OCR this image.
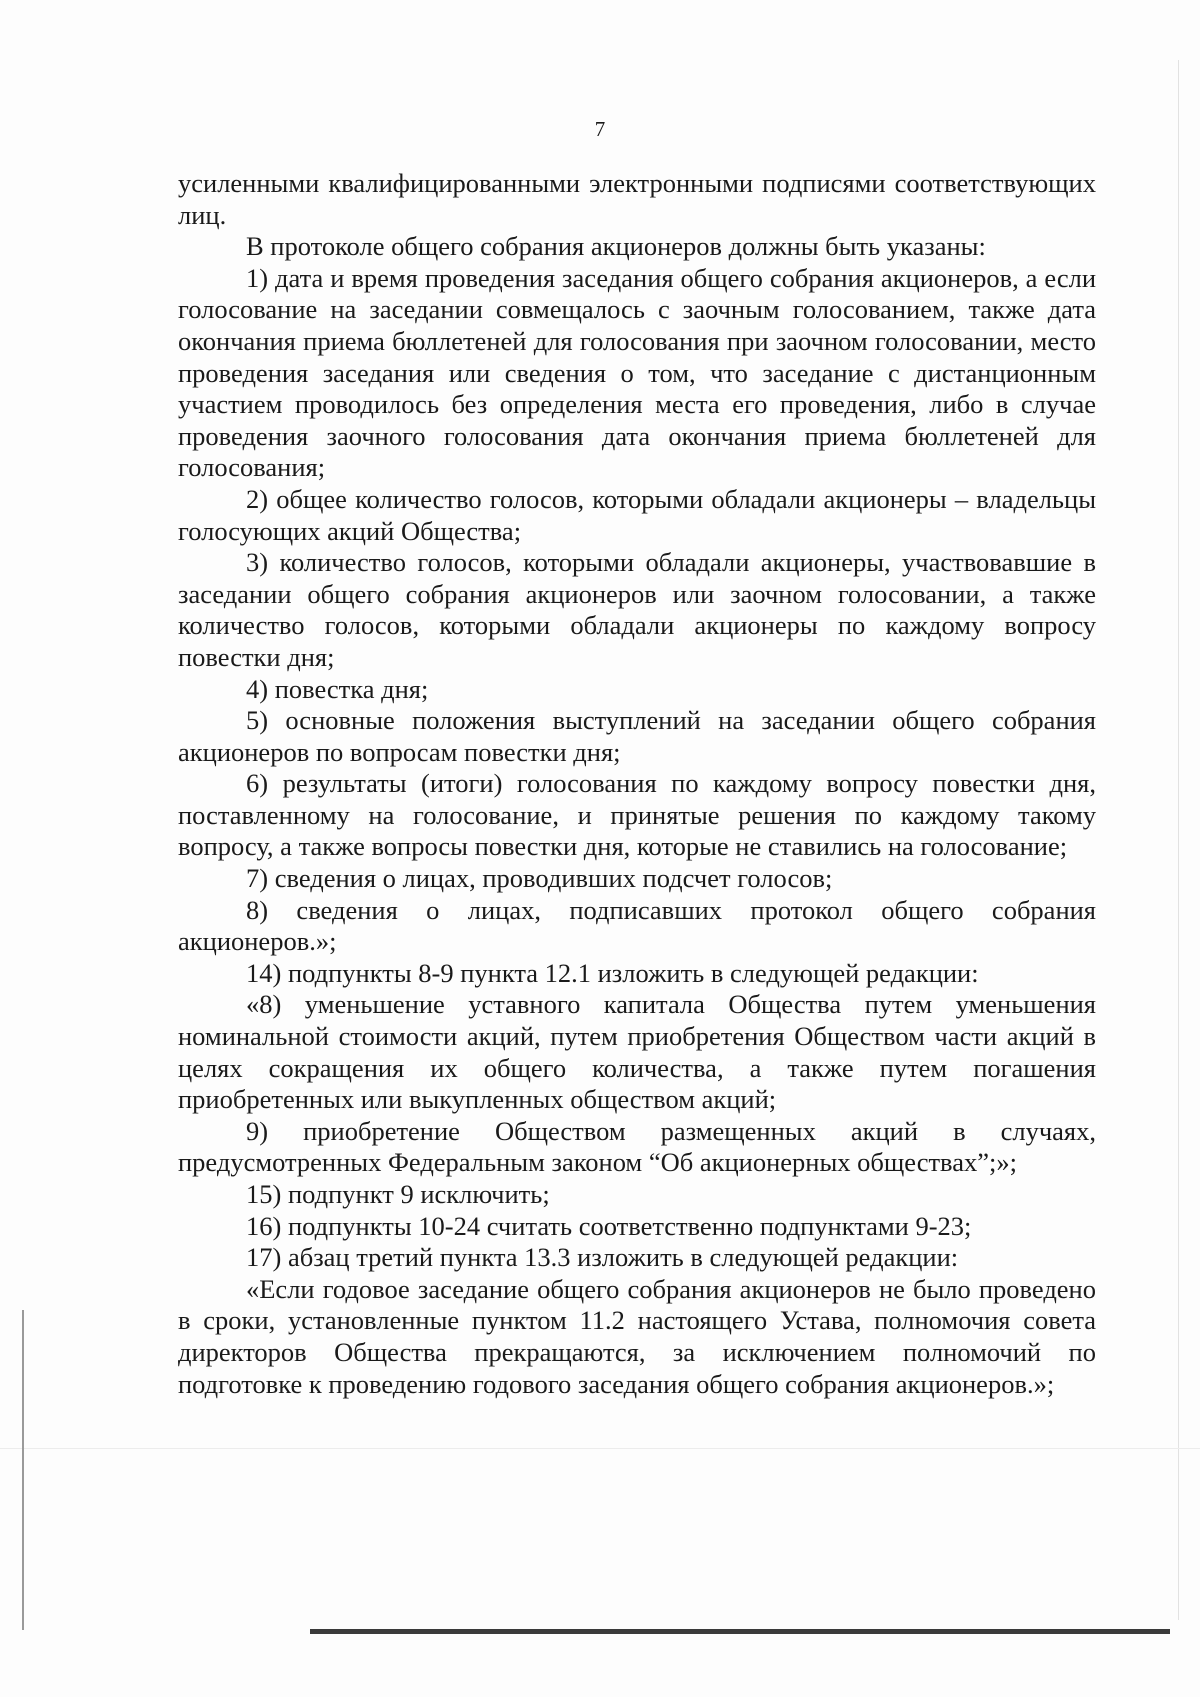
7

усиленными квалифицированными электронными подписями соответствующих лиц.

В протоколе общего собрания акционеров должны быть указаны:

1) дата и время проведения заседания общего собрания акционеров, а если голосование на заседании совмещалось с заочным голосованием, также дата окончания приема бюллетеней для голосования при заочном голосовании, место проведения заседания или сведения о том, что заседание с дистанционным участием проводилось без определения места его проведения, либо в случае проведения заочного голосования дата окончания приема бюллетеней для голосования;

2) общее количество голосов, которыми обладали акционеры – владельцы голосующих акций Общества;

3) количество голосов, которыми обладали акционеры, участвовавшие в заседании общего собрания акционеров или заочном голосовании, а также количество голосов, которыми обладали акционеры по каждому вопросу повестки дня;

4) повестка дня;

5) основные положения выступлений на заседании общего собрания акционеров по вопросам повестки дня;

6) результаты (итоги) голосования по каждому вопросу повестки дня, поставленному на голосование, и принятые решения по каждому такому вопросу, а также вопросы повестки дня, которые не ставились на голосование;

7) сведения о лицах, проводивших подсчет голосов;

8) сведения о лицах, подписавших протокол общего собрания акционеров.»;

14) подпункты 8-9 пункта 12.1 изложить в следующей редакции:

«8) уменьшение уставного капитала Общества путем уменьшения номинальной стоимости акций, путем приобретения Обществом части акций в целях сокращения их общего количества, а также путем погашения приобретенных или выкупленных обществом акций;

9) приобретение Обществом размещенных акций в случаях, предусмотренных Федеральным законом “Об акционерных обществах”;»;

15) подпункт 9 исключить;

16) подпункты 10-24 считать соответственно подпунктами 9-23;

17) абзац третий пункта 13.3 изложить в следующей редакции:

«Если годовое заседание общего собрания акционеров не было проведено в сроки, установленные пунктом 11.2 настоящего Устава, полномочия совета директоров Общества прекращаются, за исключением полномочий по подготовке к проведению годового заседания общего собрания акционеров.»;
